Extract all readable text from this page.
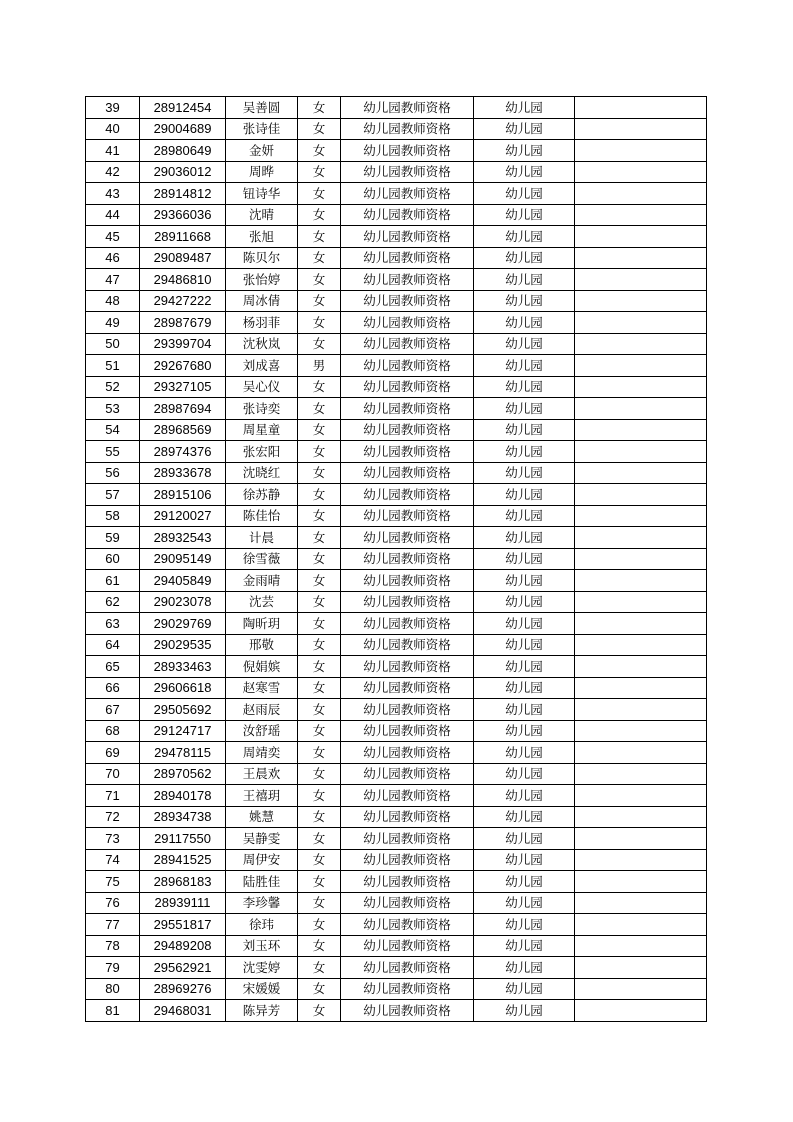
39	28912454	吴善圆	女	幼儿园教师资格	幼儿园	
40	29004689	张诗佳	女	幼儿园教师资格	幼儿园	
41	28980649	金妍	女	幼儿园教师资格	幼儿园	
42	29036012	周晔	女	幼儿园教师资格	幼儿园	
43	28914812	钮诗华	女	幼儿园教师资格	幼儿园	
44	29366036	沈晴	女	幼儿园教师资格	幼儿园	
45	28911668	张旭	女	幼儿园教师资格	幼儿园	
46	29089487	陈贝尔	女	幼儿园教师资格	幼儿园	
47	29486810	张怡婷	女	幼儿园教师资格	幼儿园	
48	29427222	周冰倩	女	幼儿园教师资格	幼儿园	
49	28987679	杨羽菲	女	幼儿园教师资格	幼儿园	
50	29399704	沈秋岚	女	幼儿园教师资格	幼儿园	
51	29267680	刘成喜	男	幼儿园教师资格	幼儿园	
52	29327105	吴心仪	女	幼儿园教师资格	幼儿园	
53	28987694	张诗奕	女	幼儿园教师资格	幼儿园	
54	28968569	周星童	女	幼儿园教师资格	幼儿园	
55	28974376	张宏阳	女	幼儿园教师资格	幼儿园	
56	28933678	沈晓红	女	幼儿园教师资格	幼儿园	
57	28915106	徐苏静	女	幼儿园教师资格	幼儿园	
58	29120027	陈佳怡	女	幼儿园教师资格	幼儿园	
59	28932543	计晨	女	幼儿园教师资格	幼儿园	
60	29095149	徐雪薇	女	幼儿园教师资格	幼儿园	
61	29405849	金雨晴	女	幼儿园教师资格	幼儿园	
62	29023078	沈芸	女	幼儿园教师资格	幼儿园	
63	29029769	陶昕玥	女	幼儿园教师资格	幼儿园	
64	29029535	邢敬	女	幼儿园教师资格	幼儿园	
65	28933463	倪娟嫔	女	幼儿园教师资格	幼儿园	
66	29606618	赵寒雪	女	幼儿园教师资格	幼儿园	
67	29505692	赵雨辰	女	幼儿园教师资格	幼儿园	
68	29124717	汝舒瑶	女	幼儿园教师资格	幼儿园	
69	29478115	周靖奕	女	幼儿园教师资格	幼儿园	
70	28970562	王晨欢	女	幼儿园教师资格	幼儿园	
71	28940178	王禧玥	女	幼儿园教师资格	幼儿园	
72	28934738	姚慧	女	幼儿园教师资格	幼儿园	
73	29117550	吴静雯	女	幼儿园教师资格	幼儿园	
74	28941525	周伊安	女	幼儿园教师资格	幼儿园	
75	28968183	陆胜佳	女	幼儿园教师资格	幼儿园	
76	28939111	李珍馨	女	幼儿园教师资格	幼儿园	
77	29551817	徐玮	女	幼儿园教师资格	幼儿园	
78	29489208	刘玉环	女	幼儿园教师资格	幼儿园	
79	29562921	沈雯婷	女	幼儿园教师资格	幼儿园	
80	28969276	宋媛媛	女	幼儿园教师资格	幼儿园	
81	29468031	陈异芳	女	幼儿园教师资格	幼儿园	
